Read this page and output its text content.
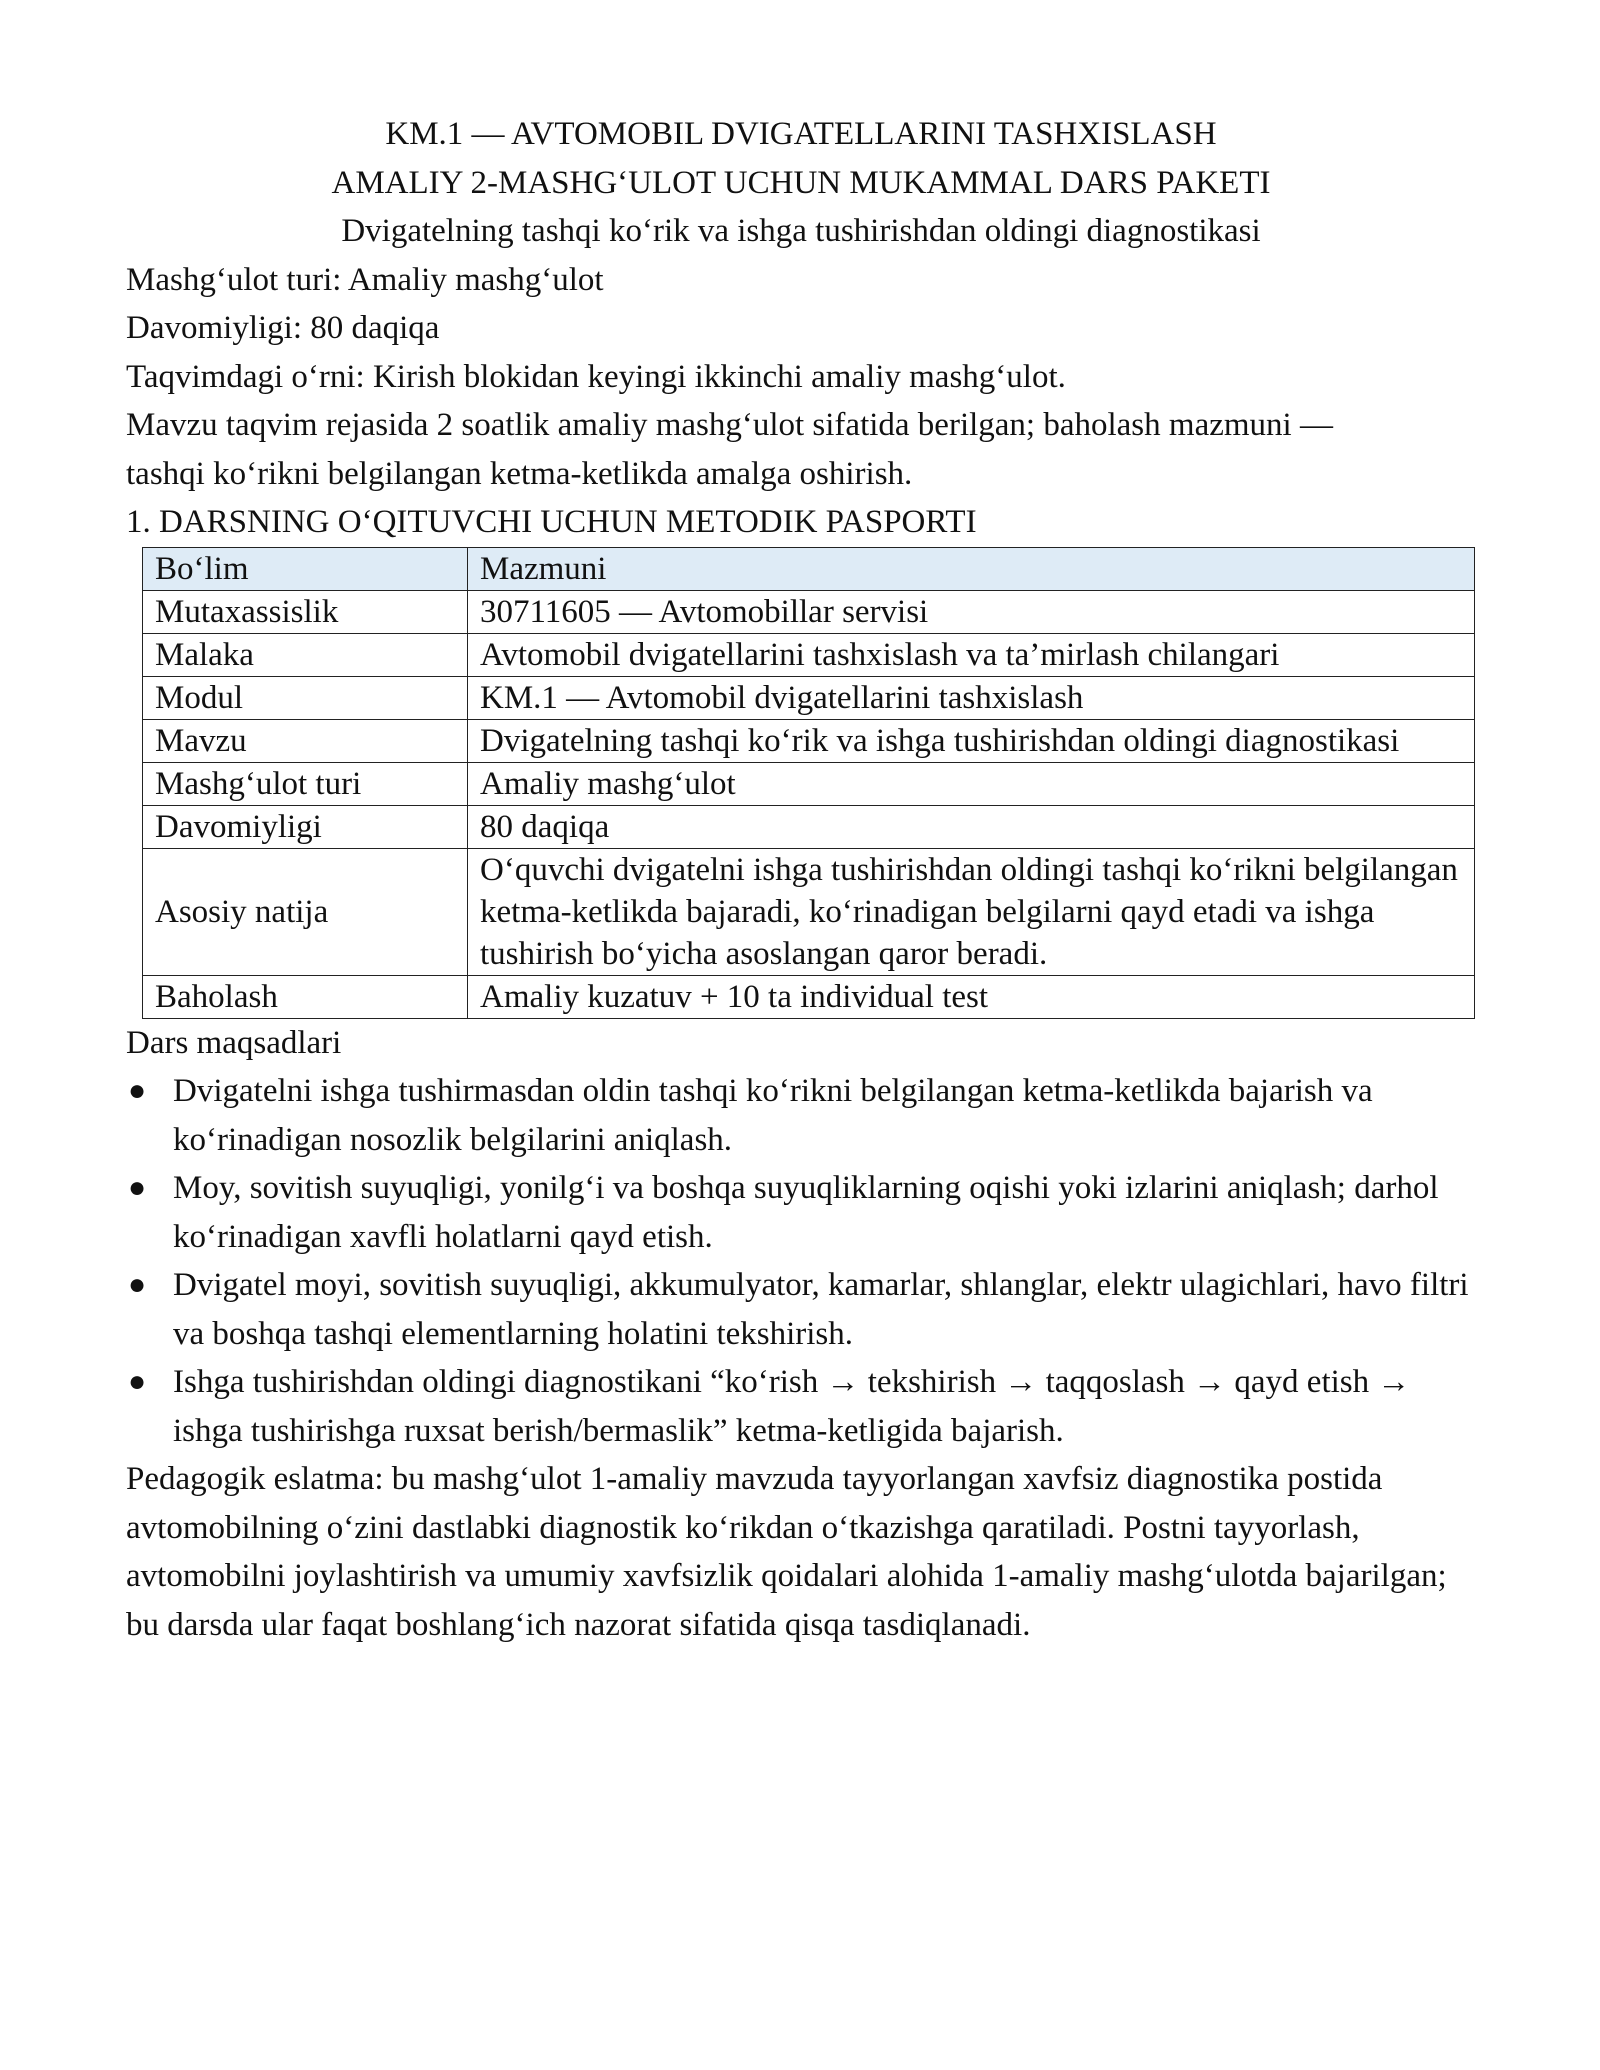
KM.1 — AVTOMOBIL DVIGATELLARINI TASHXISLASH
AMALIY 2-MASHG‘ULOT UCHUN MUKAMMAL DARS PAKETI
Dvigatelning tashqi ko‘rik va ishga tushirishdan oldingi diagnostikasi
Mashg‘ulot turi: Amaliy mashg‘ulot
Davomiyligi: 80 daqiqa
Taqvimdagi o‘rni: Kirish blokidan keyingi ikkinchi amaliy mashg‘ulot.
Mavzu taqvim rejasida 2 soatlik amaliy mashg‘ulot sifatida berilgan; baholash mazmuni —
tashqi ko‘rikni belgilangan ketma-ketlikda amalga oshirish.
1. DARSNING O‘QITUVCHI UCHUN METODIK PASPORTI
Bo‘lim	Mazmuni
Mutaxassislik	30711605 — Avtomobillar servisi
Malaka	Avtomobil dvigatellarini tashxislash va ta’mirlash chilangari
Modul	KM.1 — Avtomobil dvigatellarini tashxislash
Mavzu	Dvigatelning tashqi ko‘rik va ishga tushirishdan oldingi diagnostikasi
Mashg‘ulot turi	Amaliy mashg‘ulot
Davomiyligi	80 daqiqa
Asosiy natija	O‘quvchi dvigatelni ishga tushirishdan oldingi tashqi ko‘rikni belgilangan ketma-ketlikda bajaradi, ko‘rinadigan belgilarni qayd etadi va ishga tushirish bo‘yicha asoslangan qaror beradi.
Baholash	Amaliy kuzatuv + 10 ta individual test
Dars maqsadlari
● Dvigatelni ishga tushirmasdan oldin tashqi ko‘rikni belgilangan ketma-ketlikda bajarish va ko‘rinadigan nosozlik belgilarini aniqlash.
● Moy, sovitish suyuqligi, yonilg‘i va boshqa suyuqliklarning oqishi yoki izlarini aniqlash; darhol ko‘rinadigan xavfli holatlarni qayd etish.
● Dvigatel moyi, sovitish suyuqligi, akkumulyator, kamarlar, shlanglar, elektr ulagichlari, havo filtri va boshqa tashqi elementlarning holatini tekshirish.
● Ishga tushirishdan oldingi diagnostikani “ko‘rish → tekshirish → taqqoslash → qayd etish → ishga tushirishga ruxsat berish/bermaslik” ketma-ketligida bajarish.

Pedagogik eslatma: bu mashg‘ulot 1-amaliy mavzuda tayyorlangan xavfsiz diagnostika postida avtomobilning o‘zini dastlabki diagnostik ko‘rikdan o‘tkazishga qaratiladi. Postni tayyorlash, avtomobilni joylashtirish va umumiy xavfsizlik qoidalari alohida 1-amaliy mashg‘ulotda bajarilgan; bu darsda ular faqat boshlang‘ich nazorat sifatida qisqa tasdiqlanadi.
